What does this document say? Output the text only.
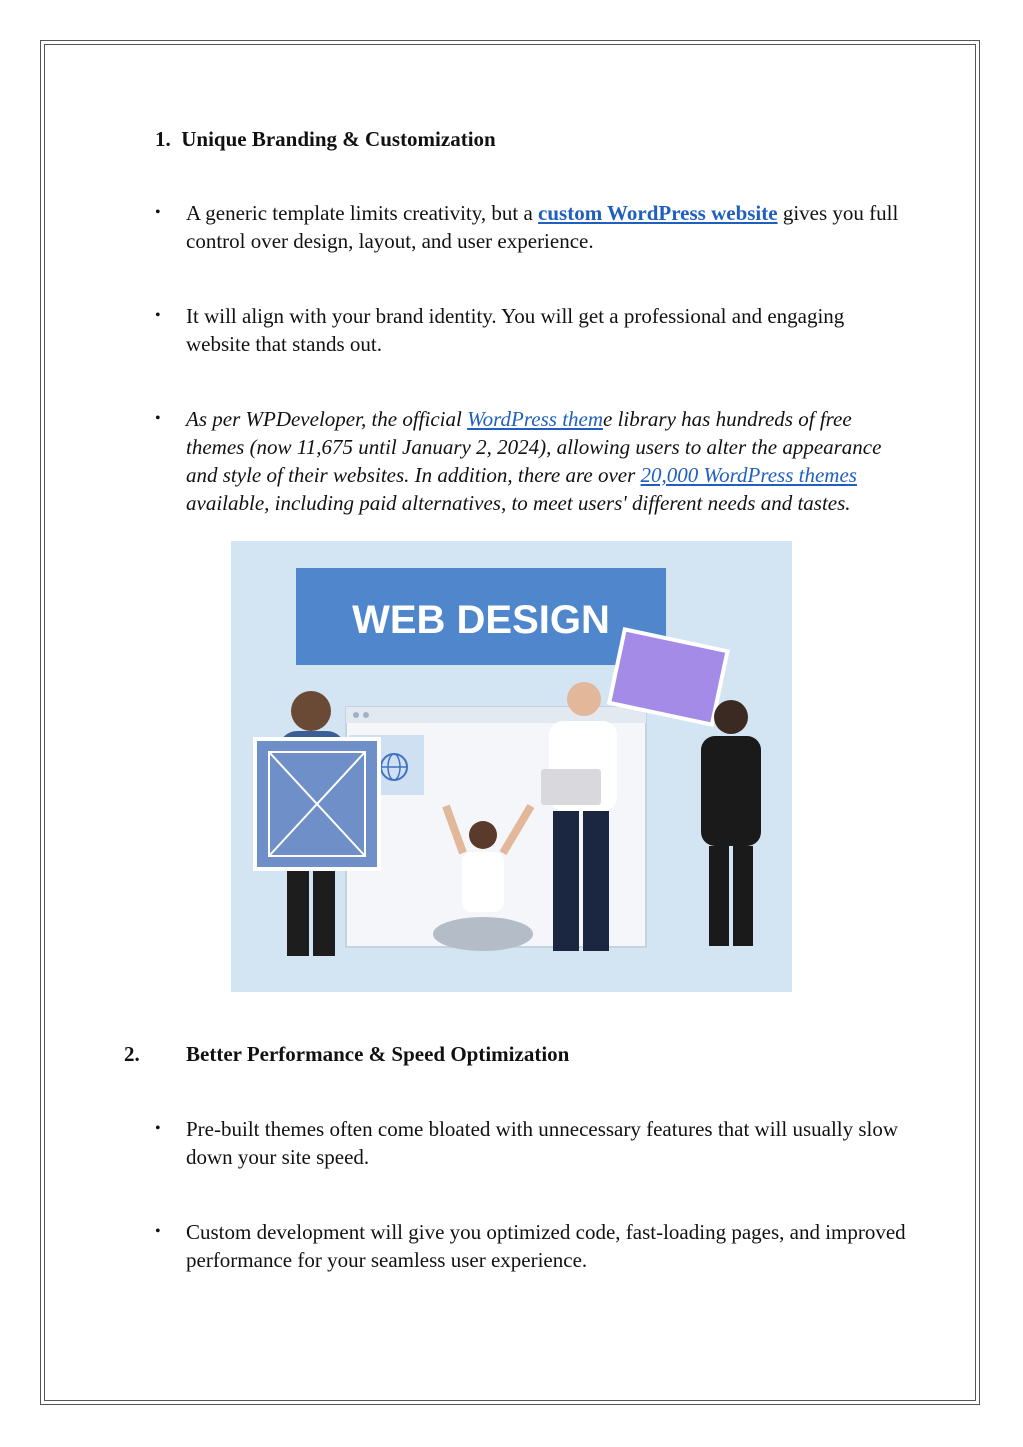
1. Unique Branding & Customization
•	A generic template limits creativity, but a custom WordPress website gives you full control over design, layout, and user experience.
•	It will align with your brand identity. You will get a professional and engaging website that stands out.
•	As per WPDeveloper, the official WordPress theme library has hundreds of free themes (now 11,675 until January 2, 2024), allowing users to alter the appearance and style of their websites. In addition, there are over 20,000 WordPress themes available, including paid alternatives, to meet users' different needs and tastes.
WEB DESIGN
2. Better Performance & Speed Optimization
•	Pre-built themes often come bloated with unnecessary features that will usually slow down your site speed.
•	Custom development will give you optimized code, fast-loading pages, and improved performance for your seamless user experience.
